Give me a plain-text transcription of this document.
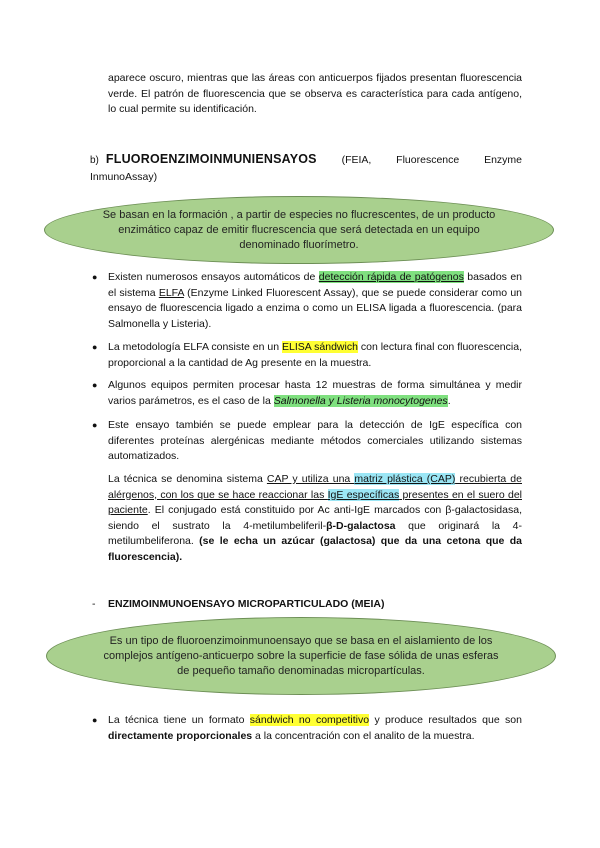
aparece oscuro, mientras que las áreas con anticuerpos fijados presentan fluorescencia verde. El patrón de fluorescencia que se observa es característica para cada antígeno, lo cual permite su identificación.

b) FLUOROENZIMOINMUNIENSAYOS (FEIA, Fluorescence Enzyme InmunoAssay)
Se basan en la formación , a partir de especies no flucrescentes, de un producto enzimático capaz de emitir flucrescencia que será detectada en un equipo denominado fluorímetro.
● Existen numerosos ensayos automáticos de detección rápida de patógenos basados en el sistema ELFA (Enzyme Linked Fluorescent Assay), que se puede considerar como un ensayo de fluorescencia ligado a enzima o como un ELISA ligada a fluorescencia. (para Salmonella y Listeria).

● La metodología ELFA consiste en un ELISA sándwich con lectura final con fluorescencia, proporcional a la cantidad de Ag presente en la muestra.

● Algunos equipos permiten procesar hasta 12 muestras de forma simultánea y medir varios parámetros, es el caso de la Salmonella y Listeria monocytogenes.

● Este ensayo también se puede emplear para la detección de IgE específica con diferentes proteínas alergénicas mediante métodos comerciales utilizando sistemas automatizados.

La técnica se denomina sistema CAP y utiliza una matriz plástica (CAP) recubierta de alérgenos, con los que se hace reaccionar las IgE específicas presentes en el suero del paciente. El conjugado está constituido por Ac anti-IgE marcados con β-galactosidasa, siendo el sustrato la 4-metilumbeliferil-β-D-galactosa que originará la 4-metilumbeliferona. (se le echa un azúcar (galactosa) que da una cetona que da fluorescencia).

- ENZIMOINMUNOENSAYO MICROPARTICULADO (MEIA)
Es un tipo de fluoroenzimoinmunoensayo que se basa en el aislamiento de los complejos antígeno-anticuerpo sobre la superficie de fase sólida de unas esferas de pequeño tamaño denominadas micropartículas.
● La técnica tiene un formato sándwich no competitivo y produce resultados que son directamente proporcionales a la concentración con el analito de la muestra.
